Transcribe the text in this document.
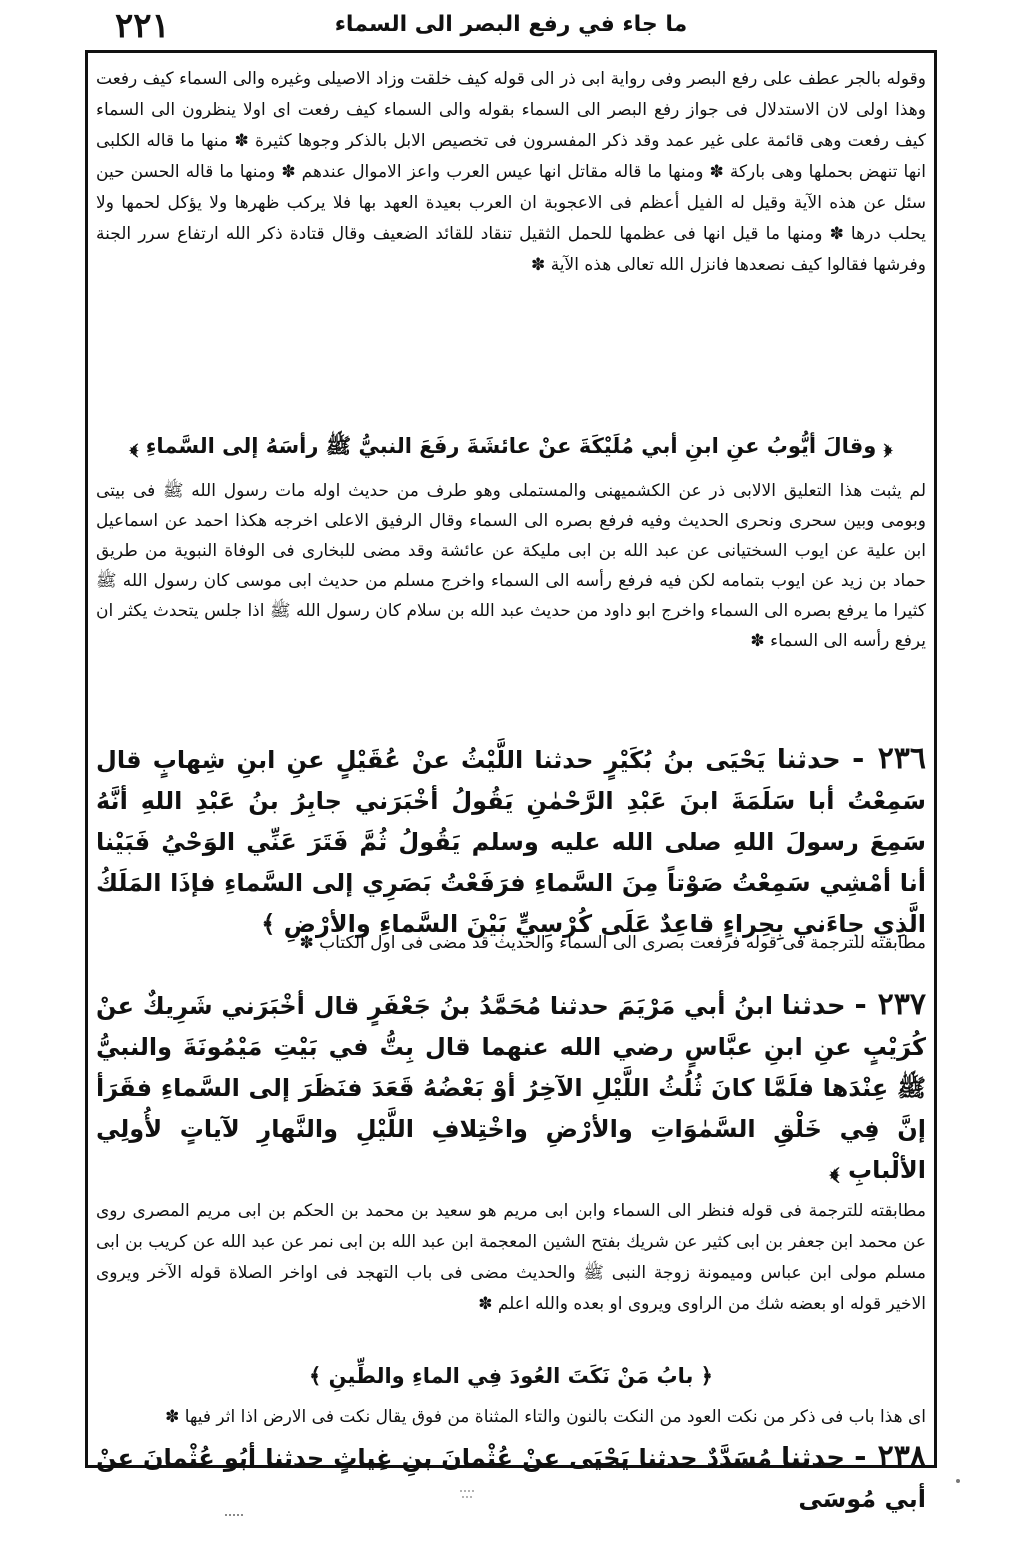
٢٢١	ما جاء في رفع البصر الى السماء

وقوله بالجر عطف على رفع البصر وفى رواية ابى ذر الى قوله كيف خلقت وزاد الاصيلى وغيره والى السماء كيف رفعت وهذا اولى لان الاستدلال فى جواز رفع البصر الى السماء بقوله والى السماء كيف رفعت اى اولا ينظرون الى السماء كيف رفعت وهى قائمة على غير عمد وقد ذكر المفسرون فى تخصيص الابل بالذكر وجوها كثيرة ✽ منها ما قاله الكلبى انها تنهض بحملها وهى باركة ✽ ومنها ما قاله مقاتل انها عيس العرب واعز الاموال عندهم ✽ ومنها ما قاله الحسن حين سئل عن هذه الآية وقيل له الفيل أعظم فى الاعجوبة ان العرب بعيدة العهد بها فلا يركب ظهرها ولا يؤكل لحمها ولا يحلب درها ✽ ومنها ما قيل انها فى عظمها للحمل الثقيل تنقاد للقائد الضعيف وقال قتادة ذكر الله ارتفاع سرر الجنة وفرشها فقالوا كيف نصعدها فانزل الله تعالى هذه الآية ✽

﴿ وقالَ أيُّوبُ عنِ ابنِ أبي مُلَيْكَةَ عنْ عائشَةَ رفَعَ النبيُّ ﷺ رأسَهُ إلى السَّماءِ ﴾

لم يثبت هذا التعليق الالابى ذر عن الكشميهنى والمستملى وهو طرف من حديث اوله مات رسول الله ﷺ فى بيتى وبومى وبين سحرى ونحرى الحديث وفيه فرفع بصره الى السماء وقال الرفيق الاعلى اخرجه هكذا احمد عن اسماعيل ابن علية عن ايوب السختيانى عن عبد الله بن ابى مليكة عن عائشة وقد مضى للبخارى فى الوفاة النبوية من طريق حماد بن زيد عن ايوب بتمامه لكن فيه فرفع رأسه الى السماء واخرج مسلم من حديث ابى موسى كان رسول الله ﷺ كثيرا ما يرفع بصره الى السماء واخرج ابو داود من حديث عبد الله بن سلام كان رسول الله ﷺ اذا جلس يتحدث يكثر ان يرفع رأسه الى السماء ✽

٢٣٦ - حدثنا يَحْيَى بنُ بُكَيْرٍ حدثنا اللَّيْثُ عنْ عُقَيْلٍ عنِ ابنِ شِهابٍ قال سَمِعْتُ أبا سَلَمَةَ ابنَ عَبْدِ الرَّحْمٰنِ يَقُولُ أخْبَرَني جابِرُ بنُ عَبْدِ اللهِ أنَّهُ سَمِعَ رسولَ اللهِ صلى الله عليه وسلم يَقُولُ ثُمَّ فَتَرَ عَنِّي الوَحْيُ فَبَيْنا أنا أمْشِي سَمِعْتُ صَوْتاً مِنَ السَّماءِ فرَفَعْتُ بَصَرِي إلى السَّماءِ فإذَا المَلَكُ الَّذِي جاءَني بِحِراءٍ قاعِدٌ عَلَى كُرْسِيٍّ بَيْنَ السَّماءِ والأرْضِ ﴾

مطابقته للترجمة فى قوله فرفعت بصرى الى السماء والحديث قد مضى فى اول الكتاب ✽

٢٣٧ - حدثنا ابنُ أبي مَرْيَمَ حدثنا مُحَمَّدُ بنُ جَعْفَرٍ قال أخْبَرَني شَرِيكٌ عنْ كُرَيْبٍ عنِ ابنِ عبَّاسٍ رضي الله عنهما قال بِتُّ في بَيْتِ مَيْمُونَةَ والنبيُّ ﷺ عِنْدَها فلَمَّا كانَ ثُلُثُ اللَّيْلِ الآخِرُ أوْ بَعْضُهُ قَعَدَ فنَظَرَ إلى السَّماءِ فقَرَأ إنَّ فِي خَلْقِ السَّمٰوَاتِ والأرْضِ واخْتِلافِ اللَّيْلِ والنَّهارِ لآياتٍ لأُولِي الألْبابِ ﴾

مطابقته للترجمة فى قوله فنظر الى السماء وابن ابى مريم هو سعيد بن محمد بن الحكم بن ابى مريم المصرى روى عن محمد ابن جعفر بن ابى كثير عن شريك بفتح الشين المعجمة ابن عبد الله بن ابى نمر عن عبد الله عن كريب بن ابى مسلم مولى ابن عباس وميمونة زوجة النبى ﷺ والحديث مضى فى باب التهجد فى اواخر الصلاة قوله الآخر ويروى الاخير قوله او بعضه شك من الراوى ويروى او بعده والله اعلم ✽

﴿ بابُ مَنْ نَكَتَ العُودَ فِي الماءِ والطِّينِ ﴾

اى هذا باب فى ذكر من نكت العود من النكت بالنون والتاء المثناة من فوق يقال نكت فى الارض اذا اثر فيها ✽

٢٣٨ - حدثنا مُسَدَّدٌ حدثنا يَحْيَى عنْ عُثْمانَ بنِ غِياثٍ حدثنا أبُو عُثْمانَ عنْ أبي مُوسَى
